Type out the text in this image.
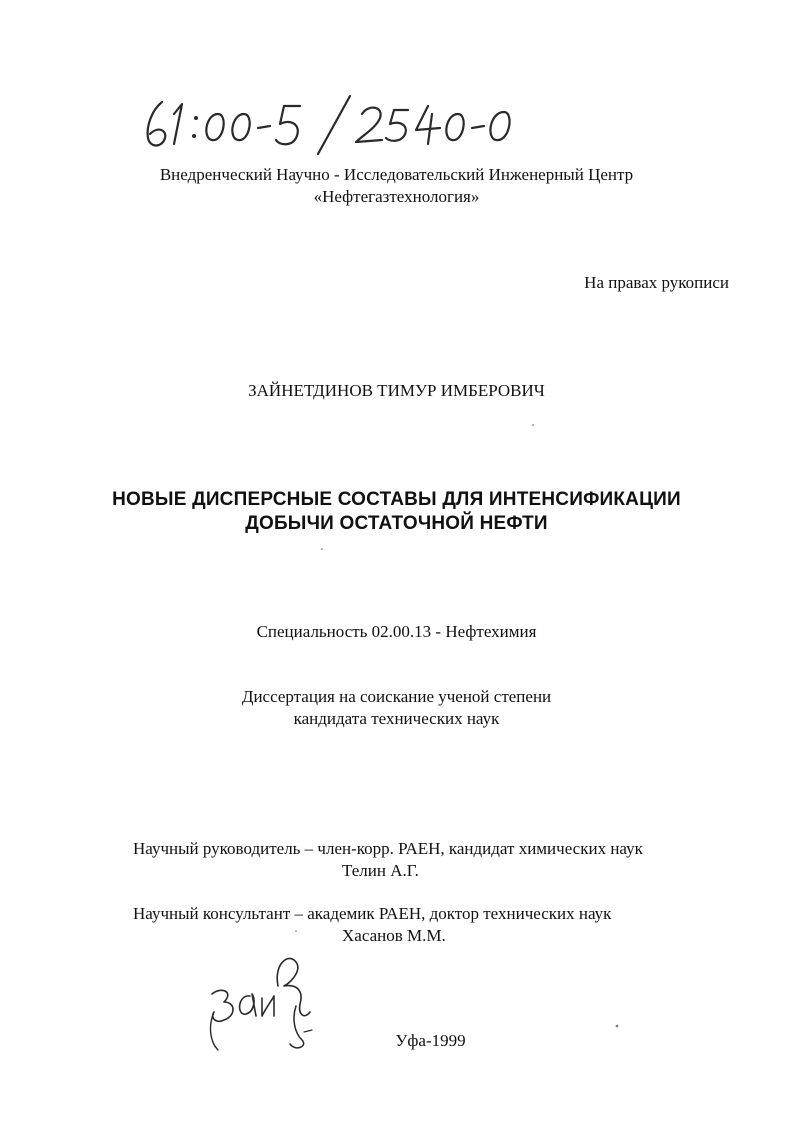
Внедренческий Научно - Исследовательский Инженерный Центр
«Нефтегазтехнология»
На правах рукописи
ЗАЙНЕТДИНОВ ТИМУР ИМБЕРОВИЧ
НОВЫЕ ДИСПЕРСНЫЕ СОСТАВЫ ДЛЯ ИНТЕНСИФИКАЦИИ
ДОБЫЧИ ОСТАТОЧНОЙ НЕФТИ
Специальность 02.00.13 - Нефтехимия
Диссертация на соискание ученой степени
кандидата технических наук
Научный руководитель – член-корр. РАЕН, кандидат химических наук
Телин А.Г.
Научный консультант – академик РАЕН, доктор технических наук
Хасанов М.М.
Уфа-1999
